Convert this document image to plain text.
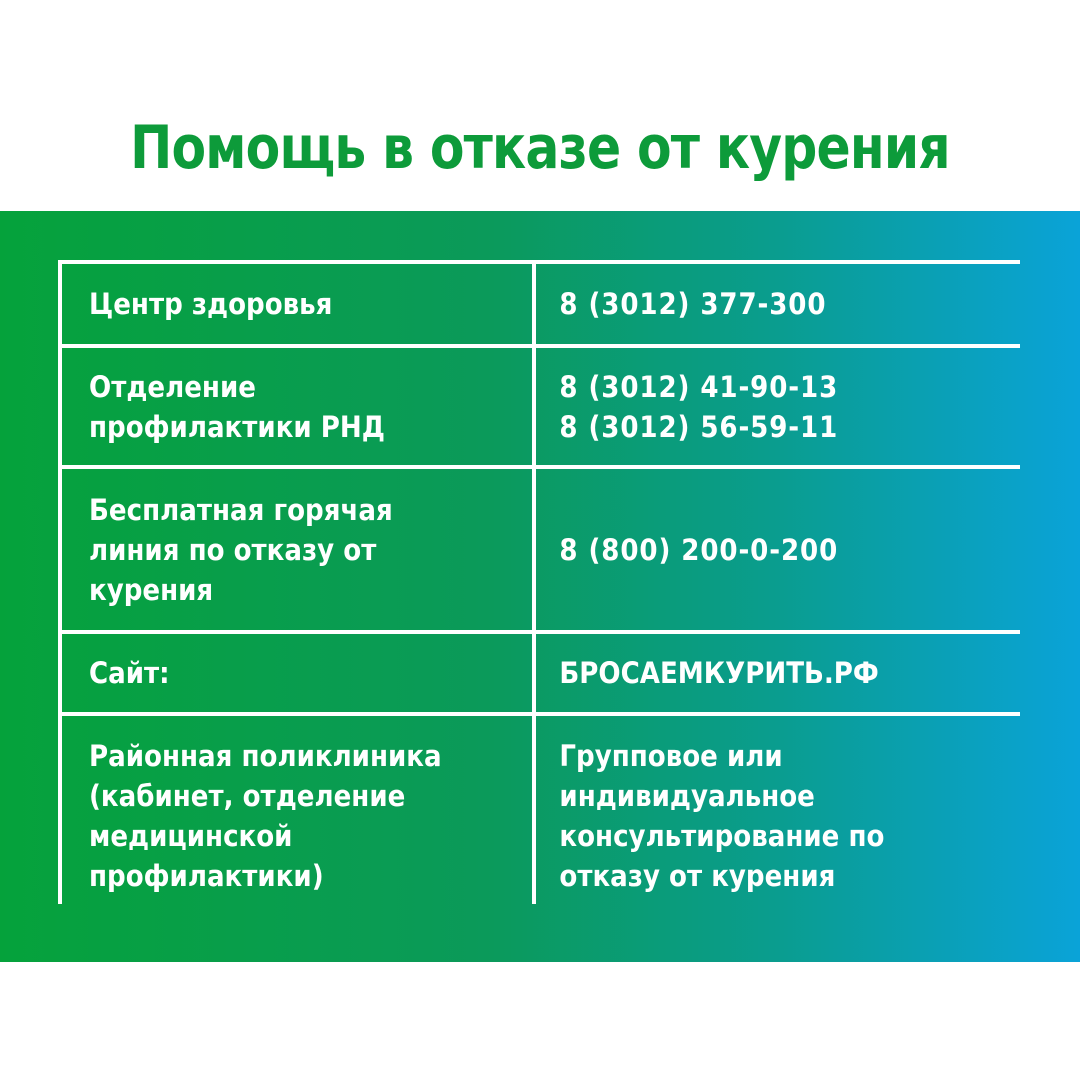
Помощь в отказе от курения
Центр здоровья	8 (3012) 377-300
Отделение
профилактики РНД
8 (3012) 41-90-13
8 (3012) 56-59-11
Бесплатная горячая
линия по отказу от
курения
8 (800) 200-0-200
Сайт:	БРОСАЕМКУРИТЬ.РФ
Районная поликлиника
(кабинет, отделение
медицинской
профилактики)
Групповое или
индивидуальное
консультирование по
отказу от курения
